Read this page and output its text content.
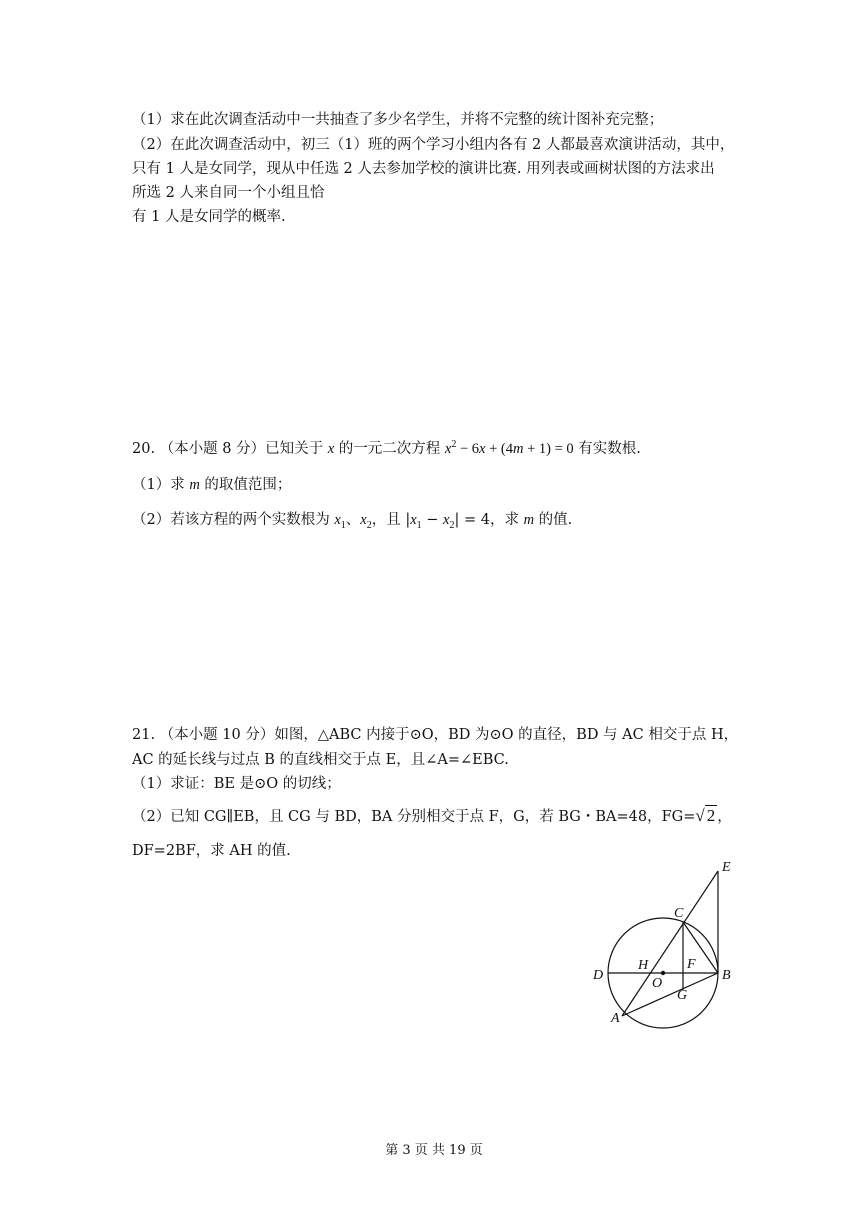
（1）求在此次调查活动中一共抽查了多少名学生，并将不完整的统计图补充完整；
（2）在此次调查活动中，初三（1）班的两个学习小组内各有 2 人都最喜欢演讲活动，其中，
只有 1 人是女同学，现从中任选 2 人去参加学校的演讲比赛. 用列表或画树状图的方法求出
所选 2 人来自同一个小组且恰
有 1 人是女同学的概率.
20. （本小题 8 分）已知关于 x 的一元二次方程 $x^2 - 6x + (4m + 1) = 0$ 有实数根.
（1）求 m 的取值范围；
（2）若该方程的两个实数根为 $x_1$、$x_2$，且 $|x_1 - x_2| = 4$，求 m 的值.
21. （本小题 10 分）如图，△ABC 内接于⊙O，BD 为⊙O 的直径，BD 与 AC 相交于点 H，
AC 的延长线与过点 B 的直线相交于点 E，且∠A=∠EBC.
（1）求证：BE 是⊙O 的切线；
（2）已知 CG∥EB，且 CG 与 BD，BA 分别相交于点 F，G，若 BG・BA=48，FG=√ 2 ，
DF=2BF，求 AH 的值.
E
C
D
H	F
B
O
G
A
第 3 页 共 19 页
